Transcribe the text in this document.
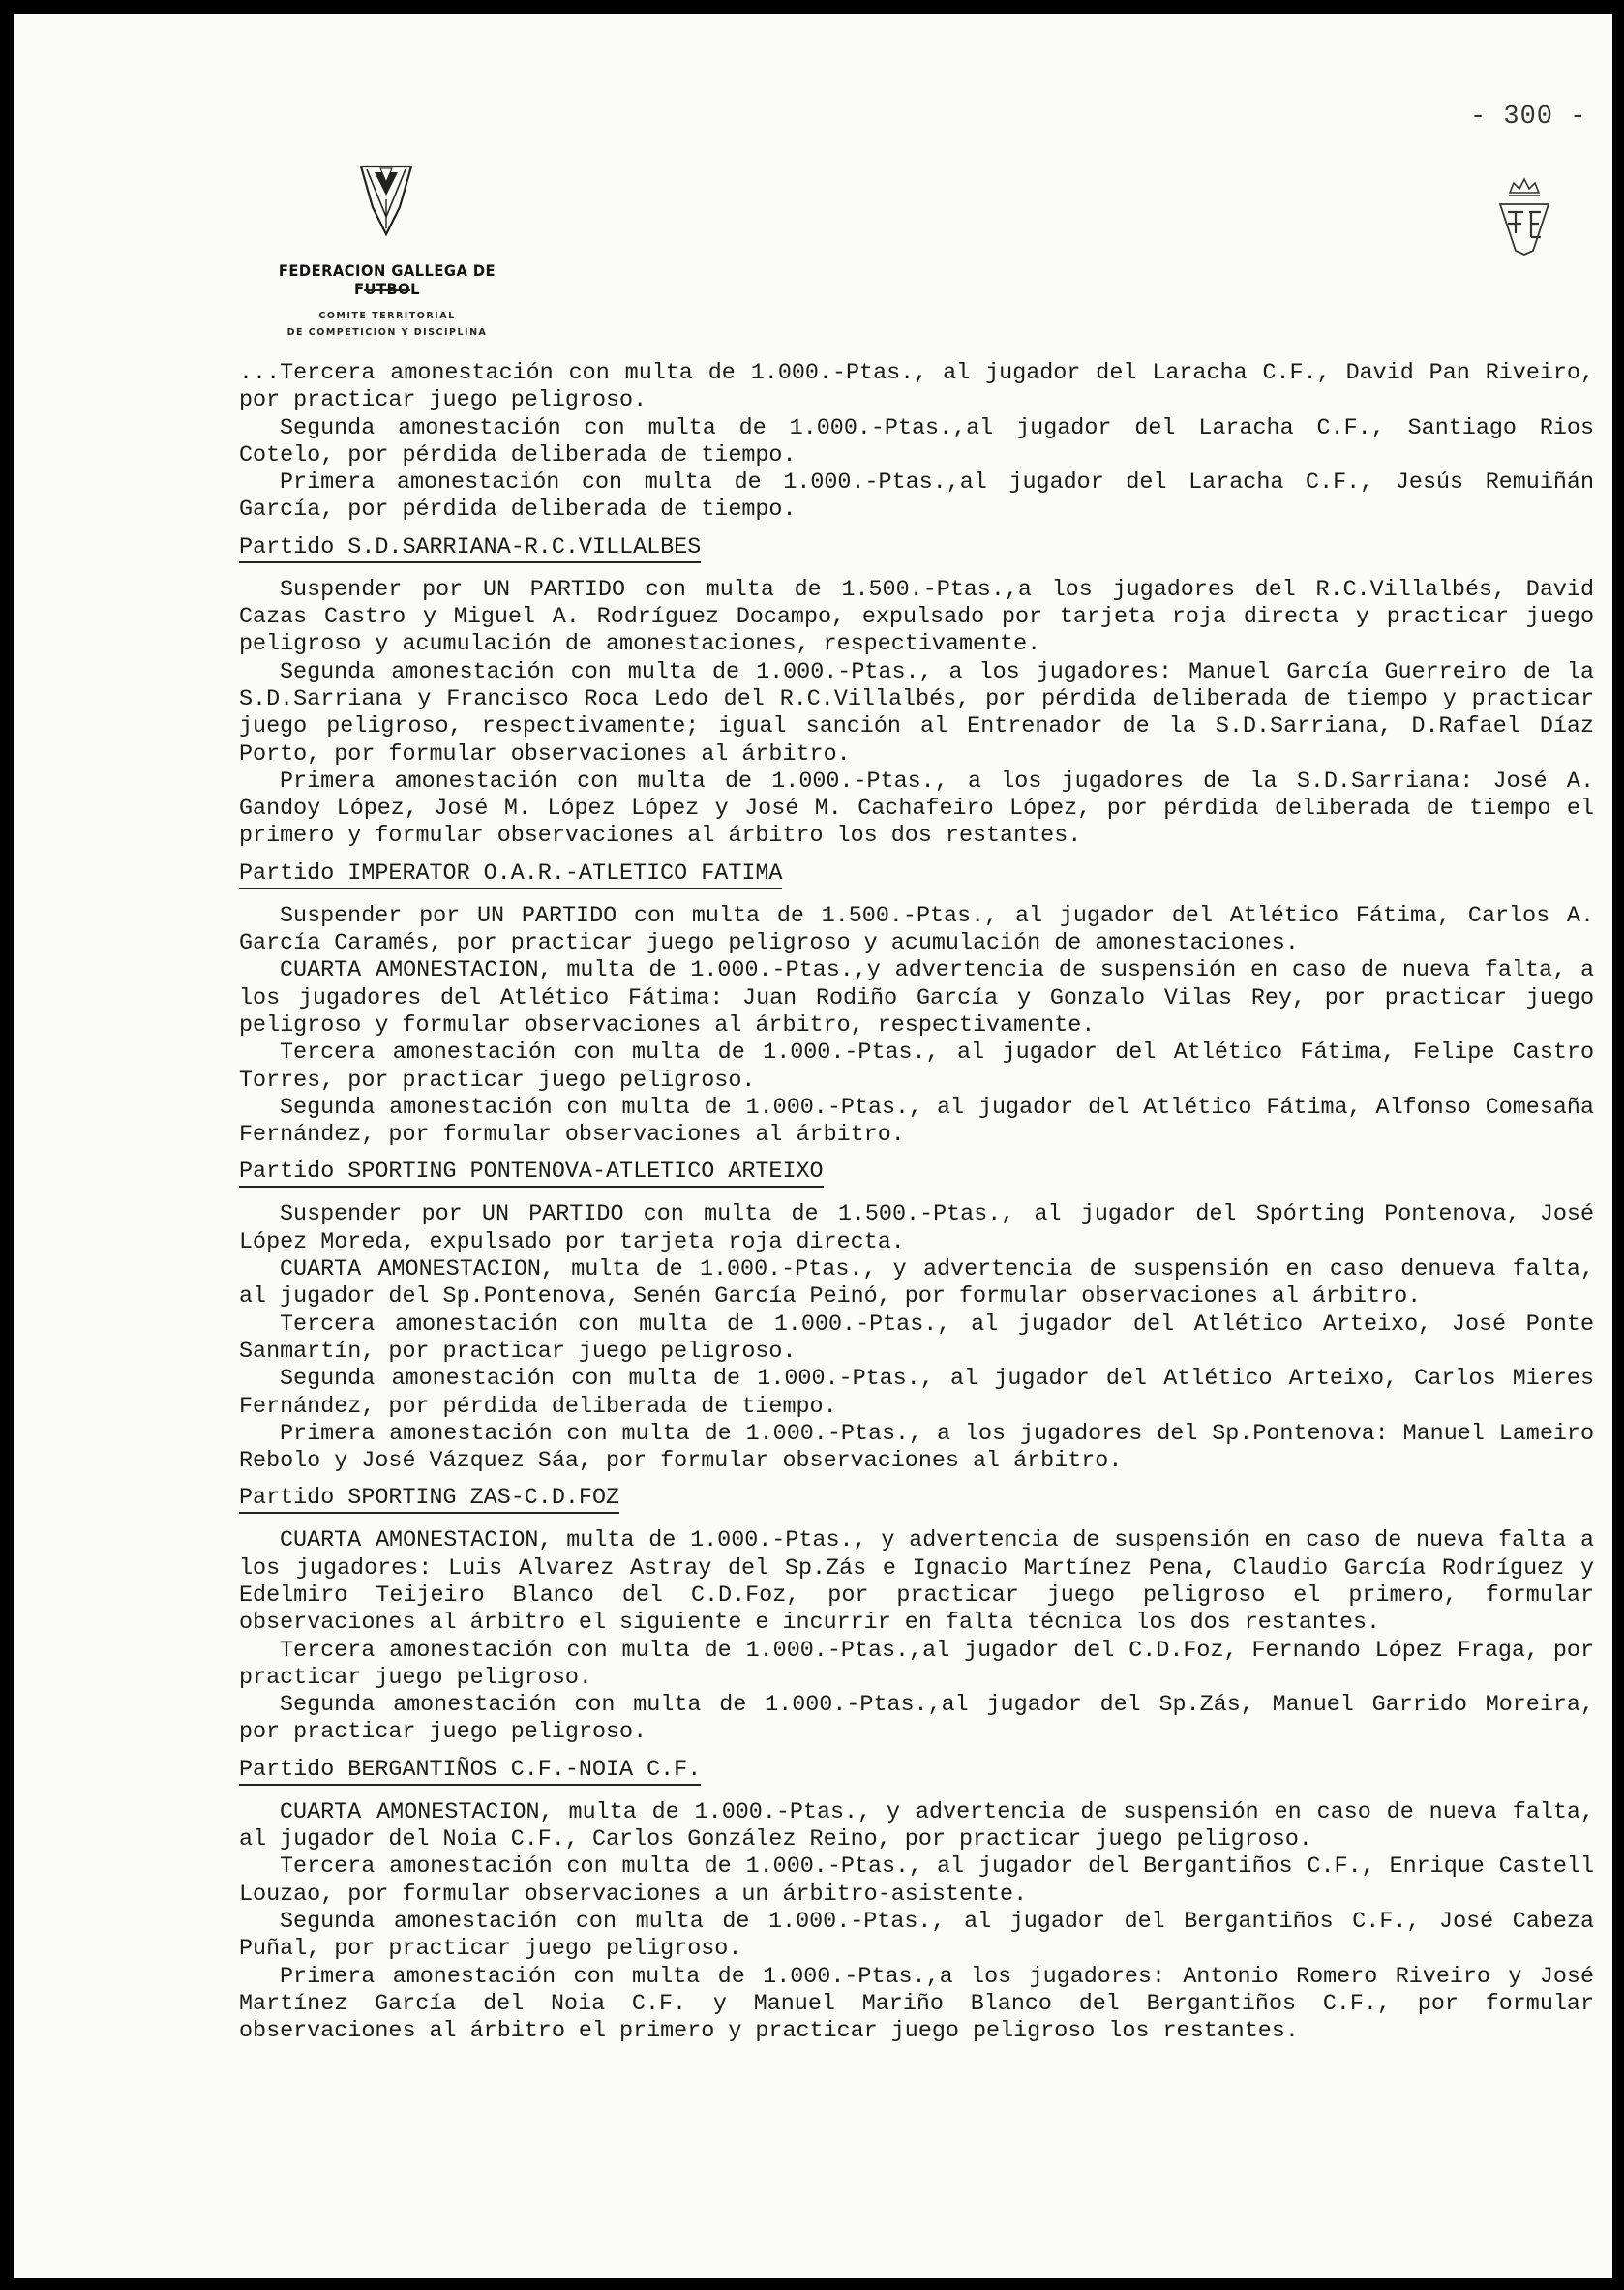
- 300 -
FEDERACION GALLEGA DE FUTBOL
COMITE TERRITORIAL
DE COMPETICION Y DISCIPLINA

...Tercera amonestación con multa de 1.000.-Ptas., al jugador del Laracha C.F., David Pan Riveiro, por practicar juego peligroso.

Segunda amonestación con multa de 1.000.-Ptas.,al jugador del Laracha C.F., Santiago Rios Cotelo, por pérdida deliberada de tiempo.

Primera amonestación con multa de 1.000.-Ptas.,al jugador del Laracha C.F., Jesús Remuiñán García, por pérdida deliberada de tiempo.

Partido S.D.SARRIANA-R.C.VILLALBES

Suspender por UN PARTIDO con multa de 1.500.-Ptas.,a los jugadores del R.C.Villalbés, David Cazas Castro y Miguel A. Rodríguez Docampo, expulsado por tarjeta roja directa y practicar juego peligroso y acumulación de amonestaciones, respectivamente.

Segunda amonestación con multa de 1.000.-Ptas., a los jugadores: Manuel García Guerreiro de la S.D.Sarriana y Francisco Roca Ledo del R.C.Villalbés, por pérdida deliberada de tiempo y practicar juego peligroso, respectivamente; igual sanción al Entrenador de la S.D.Sarriana, D.Rafael Díaz Porto, por formular observaciones al árbitro.

Primera amonestación con multa de 1.000.-Ptas., a los jugadores de la S.D.Sarriana: José A. Gandoy López, José M. López López y José M. Cachafeiro López, por pérdida deliberada de tiempo el primero y formular observaciones al árbitro los dos restantes.

Partido IMPERATOR O.A.R.-ATLETICO FATIMA

Suspender por UN PARTIDO con multa de 1.500.-Ptas., al jugador del Atlético Fátima, Carlos A. García Caramés, por practicar juego peligroso y acumulación de amonestaciones.

CUARTA AMONESTACION, multa de 1.000.-Ptas.,y advertencia de suspensión en caso de nueva falta, a los jugadores del Atlético Fátima: Juan Rodiño García y Gonzalo Vilas Rey, por practicar juego peligroso y formular observaciones al árbitro, respectivamente.

Tercera amonestación con multa de 1.000.-Ptas., al jugador del Atlético Fátima, Felipe Castro Torres, por practicar juego peligroso.

Segunda amonestación con multa de 1.000.-Ptas., al jugador del Atlético Fátima, Alfonso Comesaña Fernández, por formular observaciones al árbitro.

Partido SPORTING PONTENOVA-ATLETICO ARTEIXO

Suspender por UN PARTIDO con multa de 1.500.-Ptas., al jugador del Spórting Pontenova, José López Moreda, expulsado por tarjeta roja directa.

CUARTA AMONESTACION, multa de 1.000.-Ptas., y advertencia de suspensión en caso denueva falta, al jugador del Sp.Pontenova, Senén García Peinó, por formular observaciones al árbitro.

Tercera amonestación con multa de 1.000.-Ptas., al jugador del Atlético Arteixo, José Ponte Sanmartín, por practicar juego peligroso.

Segunda amonestación con multa de 1.000.-Ptas., al jugador del Atlético Arteixo, Carlos Mieres Fernández, por pérdida deliberada de tiempo.

Primera amonestación con multa de 1.000.-Ptas., a los jugadores del Sp.Pontenova: Manuel Lameiro Rebolo y José Vázquez Sáa, por formular observaciones al árbitro.

Partido SPORTING ZAS-C.D.FOZ

CUARTA AMONESTACION, multa de 1.000.-Ptas., y advertencia de suspensión en caso de nueva falta a los jugadores: Luis Alvarez Astray del Sp.Zás e Ignacio Martínez Pena, Claudio García Rodríguez y Edelmiro Teijeiro Blanco del C.D.Foz, por practicar juego peligroso el primero, formular observaciones al árbitro el siguiente e incurrir en falta técnica los dos restantes.

Tercera amonestación con multa de 1.000.-Ptas.,al jugador del C.D.Foz, Fernando López Fraga, por practicar juego peligroso.

Segunda amonestación con multa de 1.000.-Ptas.,al jugador del Sp.Zás, Manuel Garrido Moreira, por practicar juego peligroso.

Partido BERGANTIÑOS C.F.-NOIA C.F.

CUARTA AMONESTACION, multa de 1.000.-Ptas., y advertencia de suspensión en caso de nueva falta, al jugador del Noia C.F., Carlos González Reino, por practicar juego peligroso.

Tercera amonestación con multa de 1.000.-Ptas., al jugador del Bergantiños C.F., Enrique Castell Louzao, por formular observaciones a un árbitro-asistente.

Segunda amonestación con multa de 1.000.-Ptas., al jugador del Bergantiños C.F., José Cabeza Puñal, por practicar juego peligroso.

Primera amonestación con multa de 1.000.-Ptas.,a los jugadores: Antonio Romero Riveiro y José Martínez García del Noia C.F. y Manuel Mariño Blanco del Bergantiños C.F., por formular observaciones al árbitro el primero y practicar juego peligroso los restantes.
